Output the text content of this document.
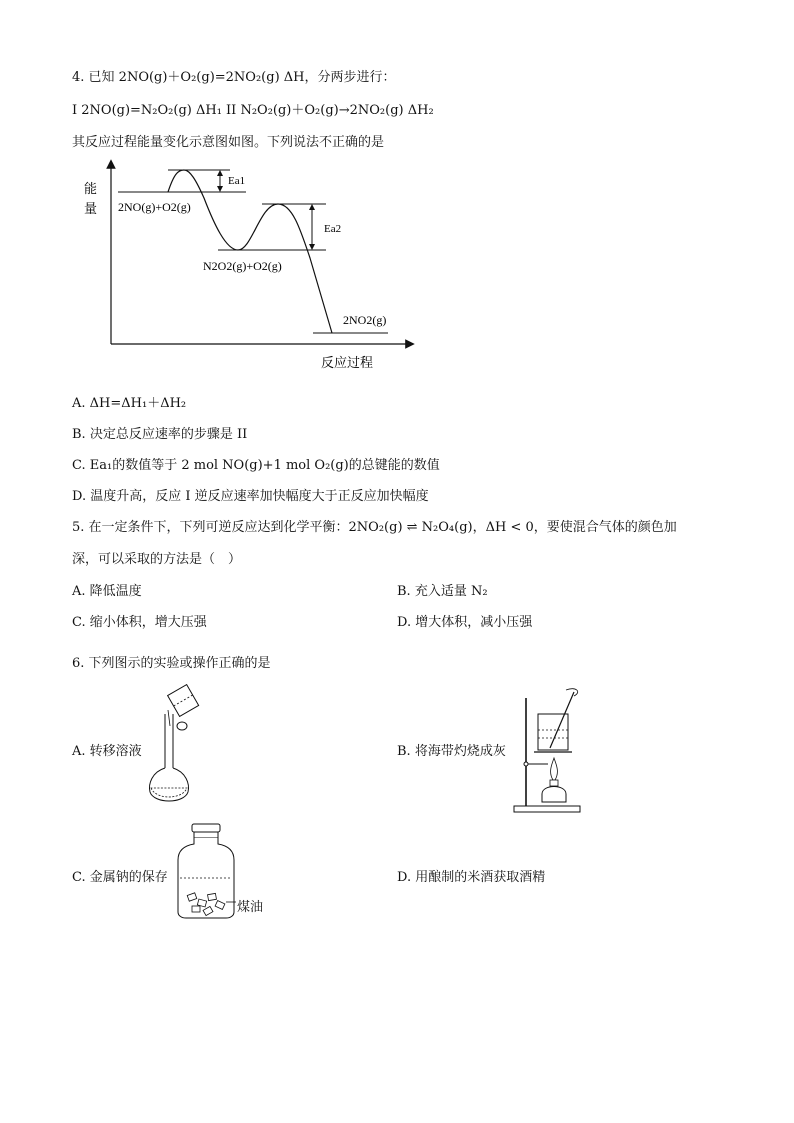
4. 已知 2NO(g)＋O₂(g)=2NO₂(g) ΔH，分两步进行：
I 2NO(g)=N₂O₂(g) ΔH₁ II N₂O₂(g)＋O₂(g)→2NO₂(g) ΔH₂
其反应过程能量变化示意图如图。下列说法不正确的是
能
量 2NO(g)+O2(g)
Ea1
Ea2
N2O2(g)+O2(g)
2NO2(g)
反应过程
A. ΔH=ΔH₁＋ΔH₂
B. 决定总反应速率的步骤是 II
C. Ea₁的数值等于 2 mol NO(g)+1 mol O₂(g)的总键能的数值
D. 温度升高，反应 I 逆反应速率加快幅度大于正反应加快幅度
5. 在一定条件下，下列可逆反应达到化学平衡：2NO₂(g) ⇌ N₂O₄(g)，ΔH < 0，要使混合气体的颜色加
深，可以采取的方法是（　）
A. 降低温度	B. 充入适量 N₂
C. 缩小体积，增大压强	D. 增大体积，减小压强
6. 下列图示的实验或操作正确的是
A. 转移溶液	B. 将海带灼烧成灰
C. 金属钠的保存
煤油
D. 用酿制的米酒获取酒精
